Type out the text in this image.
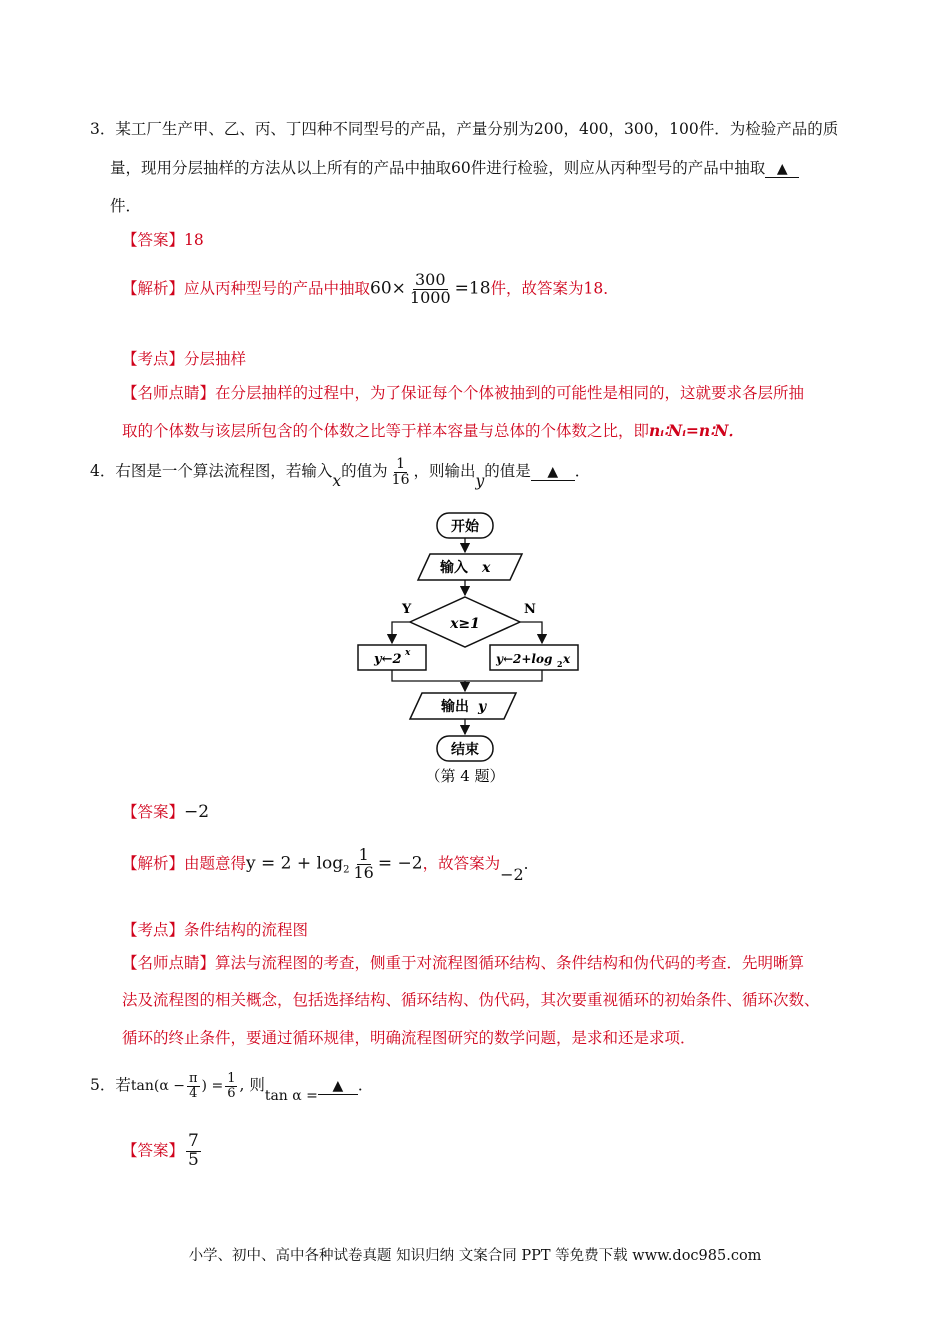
3．某工厂生产甲、乙、丙、丁四种不同型号的产品，产量分别为200，400，300，100件．为检验产品的质
量，现用分层抽样的方法从以上所有的产品中抽取60件进行检验，则应从丙种型号的产品中抽取 ▲
件．
【答案】18
【解析】应从丙种型号的产品中抽取$60\times \frac{300}{1000} =18$件，故答案为18．
【考点】分层抽样
【名师点睛】在分层抽样的过程中，为了保证每个个体被抽到的可能性是相同的，这就要求各层所抽
取的个体数与该层所包含的个体数之比等于样本容量与总体的个体数之比，即nᵢ∶Nᵢ=n∶N．
4．右图是一个算法流程图，若输入x的值为 $\frac{1}{16}$ ，则输出y的值是 ▲ ．
开始
输入 x
x≥1
Y	N
y←2 x	y←2+log 2 x
输出 y
结束
（第 4 题）
【答案】−2
【解析】由题意得$y = 2 + \log_2 \frac{1}{16} = -2$，故答案为−2．
【考点】条件结构的流程图
【名师点睛】算法与流程图的考查，侧重于对流程图循环结构、条件结构和伪代码的考查．先明晰算
法及流程图的相关概念，包括选择结构、循环结构、伪代码，其次要重视循环的初始条件、循环次数、
循环的终止条件，要通过循环规律，明确流程图研究的数学问题，是求和还是求项．
5．若$\tan(\alpha - \frac{\pi}{4}$ ) = $\frac{1}{6}$ , 则tan α =▲ ．
【答案】 $\frac{7}{5}$
小学、初中、高中各种试卷真题 知识归纳 文案合同 PPT 等免费下载 www.doc985.com
